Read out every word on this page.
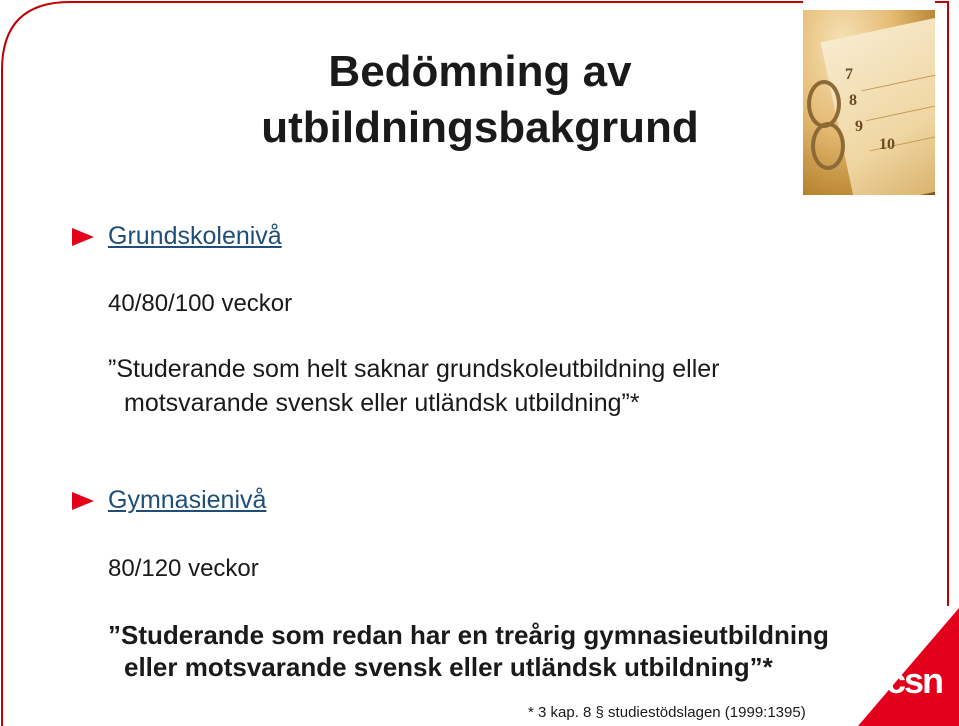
Bedömning av
utbildningsbakgrund
7
8
9
10
Grundskolenivå
40/80/100 veckor
”Studerande som helt saknar grundskoleutbildning eller
motsvarande svensk eller utländsk utbildning”*
Gymnasienivå
80/120 veckor
”Studerande som redan har en treårig gymnasieutbildning
eller motsvarande svensk eller utländsk utbildning”*
* 3 kap. 8 § studiestödslagen (1999:1395)
csn
